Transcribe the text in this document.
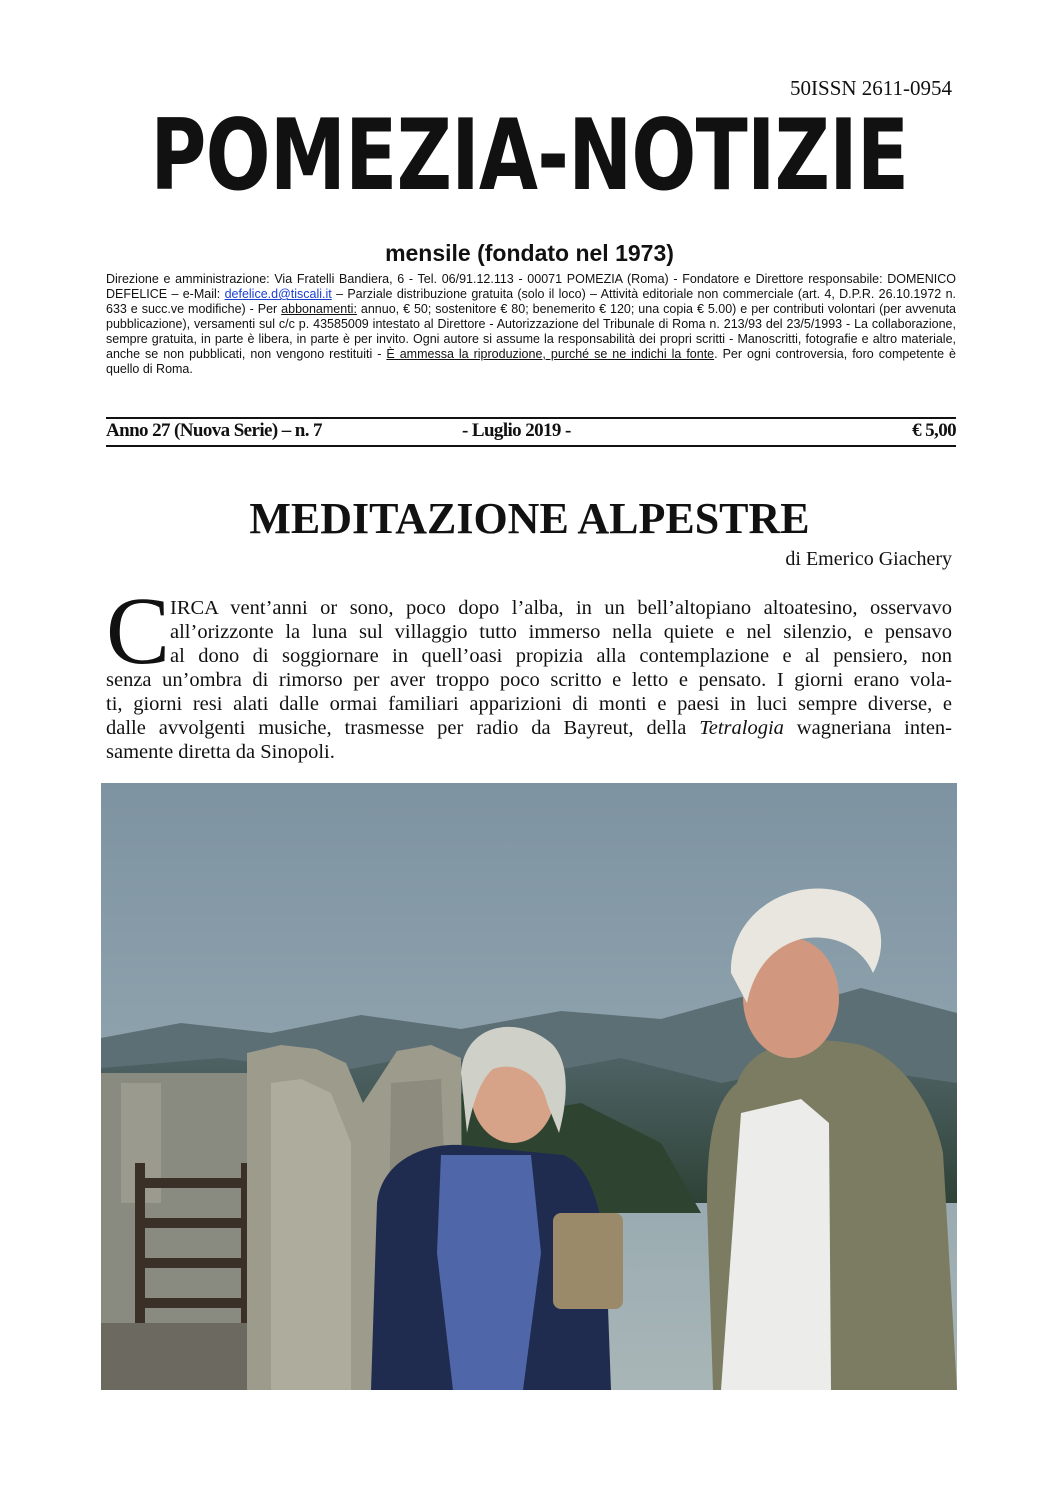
50ISSN 2611-0954
POMEZIA-NOTIZIE
mensile (fondato nel 1973)
Direzione e amministrazione: Via Fratelli Bandiera, 6 - Tel. 06/91.12.113 - 00071 POMEZIA (Roma) - Fondatore e Direttore responsabile: DOMENICO DEFELICE – e-Mail: defelice.d@tiscali.it – Parziale distribuzione gratuita (solo il loco) – Attività editoriale non commerciale (art. 4, D.P.R. 26.10.1972 n. 633 e succ.ve modifiche) - Per abbonamenti: annuo, € 50; sostenitore € 80; benemerito € 120; una copia € 5.00) e per contributi volontari (per avvenuta pubblicazione), versamenti sul c/c p. 43585009 intestato al Direttore - Autorizzazione del Tribunale di Roma n. 213/93 del 23/5/1993 - La collaborazione, sempre gratuita, in parte è libera, in parte è per invito. Ogni autore si assume la responsabilità dei propri scritti - Manoscritti, fotografie e altro materiale, anche se non pubblicati, non vengono restituiti - È ammessa la riproduzione, purché se ne indichi la fonte. Per ogni controversia, foro competente è quello di Roma.
Anno 27 (Nuova Serie) – n. 7	- Luglio 2019 -	€ 5,00
MEDITAZIONE ALPESTRE
di Emerico Giachery
C IRCA vent’anni or sono, poco dopo l’alba, in un bell’altopiano altoatesino, osservavo
all’orizzonte la luna sul villaggio tutto immerso nella quiete e nel silenzio, e pensavo
al dono di soggiornare in quell’oasi propizia alla contemplazione e al pensiero, non
senza un’ombra di rimorso per aver troppo poco scritto e letto e pensato. I giorni erano vola-
ti, giorni resi alati dalle ormai familiari apparizioni di monti e paesi in luci sempre diverse, e
dalle avvolgenti musiche, trasmesse per radio da Bayreut, della Tetralogia wagneriana inten-
samente diretta da Sinopoli.
